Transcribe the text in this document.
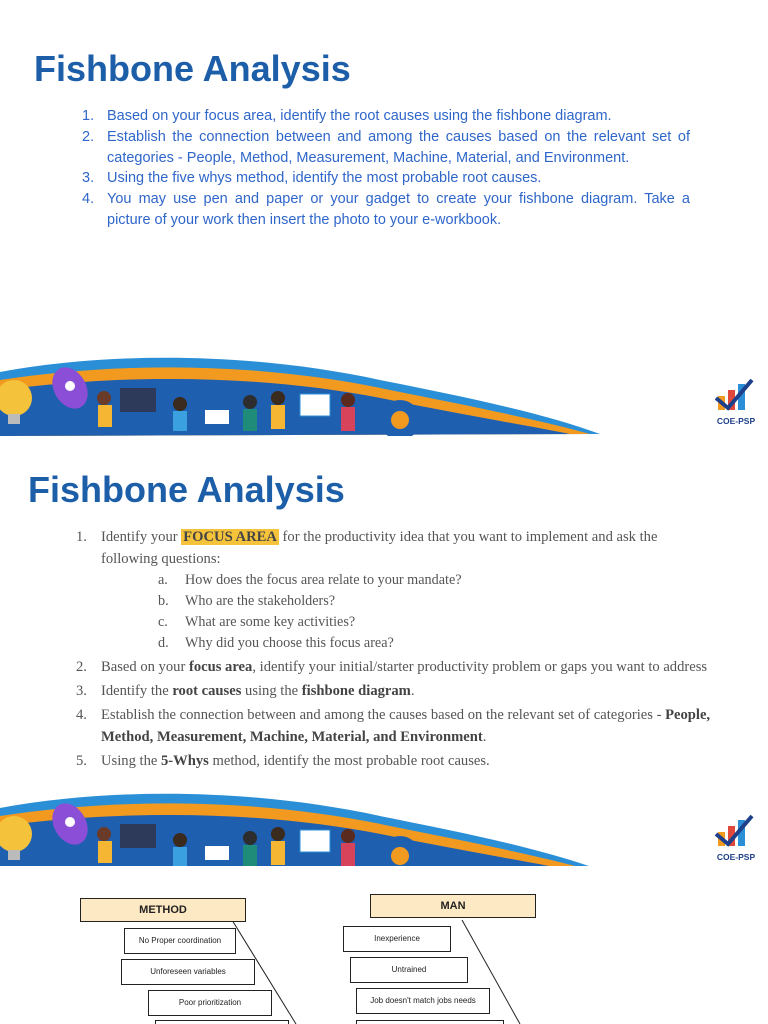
Fishbone Analysis
1. Based on your focus area, identify the root causes using the fishbone diagram.
2. Establish the connection between and among the causes based on the relevant set of categories - People, Method, Measurement, Machine, Material, and Environment.
3. Using the five whys method, identify the most probable root causes.
4. You may use pen and paper or your gadget to create your fishbone diagram. Take a picture of your work then insert the photo to your e-workbook.
COE-PSP
Fishbone Analysis
1. Identify your FOCUS AREA for the productivity idea that you want to implement and ask the following questions:
a. How does the focus area relate to your mandate?
b. Who are the stakeholders?
c. What are some key activities?
d. Why did you choose this focus area?
2. Based on your focus area, identify your initial/starter productivity problem or gaps you want to address
3. Identify the root causes using the fishbone diagram.
4. Establish the connection between and among the causes based on the relevant set of categories - People, Method, Measurement, Machine, Material, and Environment.
5. Using the 5-Whys method, identify the most probable root causes.
COE-PSP
METHOD
No Proper coordination
Unforeseen variables
Poor prioritization
MAN
Inexperience
Untrained
Job doesn't match jobs needs
